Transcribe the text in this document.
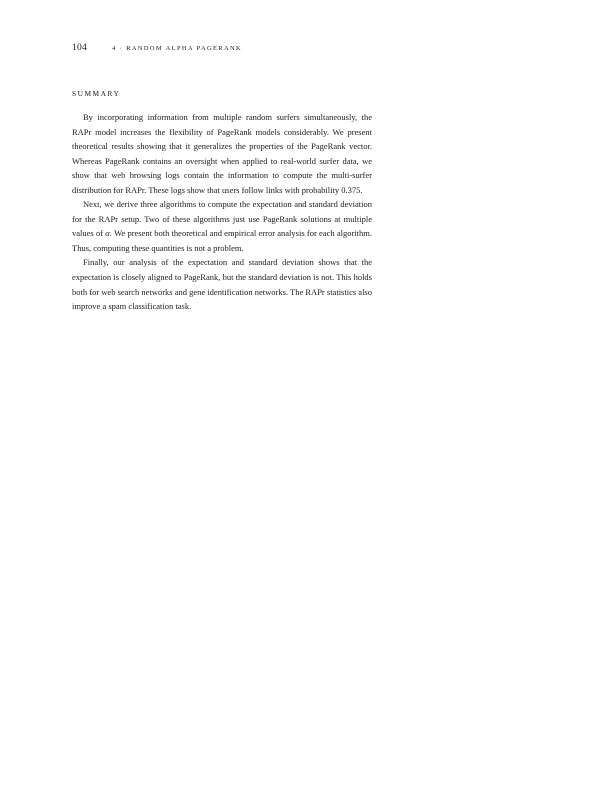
104	4 · RANDOM ALPHA PAGERANK
SUMMARY

By incorporating information from multiple random surfers simultaneously, the RAPr model increases the flexibility of PageRank models considerably. We present theoretical results showing that it generalizes the properties of the PageRank vector. Whereas PageRank contains an oversight when applied to real-world surfer data, we show that web browsing logs contain the information to compute the multi-surfer distribution for RAPr. These logs show that users follow links with probability 0.375.

Next, we derive three algorithms to compute the expectation and standard deviation for the RAPr setup. Two of these algorithms just use PageRank solutions at multiple values of α. We present both theoretical and empirical error analysis for each algorithm. Thus, computing these quantities is not a problem.

Finally, our analysis of the expectation and standard deviation shows that the expectation is closely aligned to PageRank, but the standard deviation is not. This holds both for web search networks and gene identification networks. The RAPr statistics also improve a spam classification task.
